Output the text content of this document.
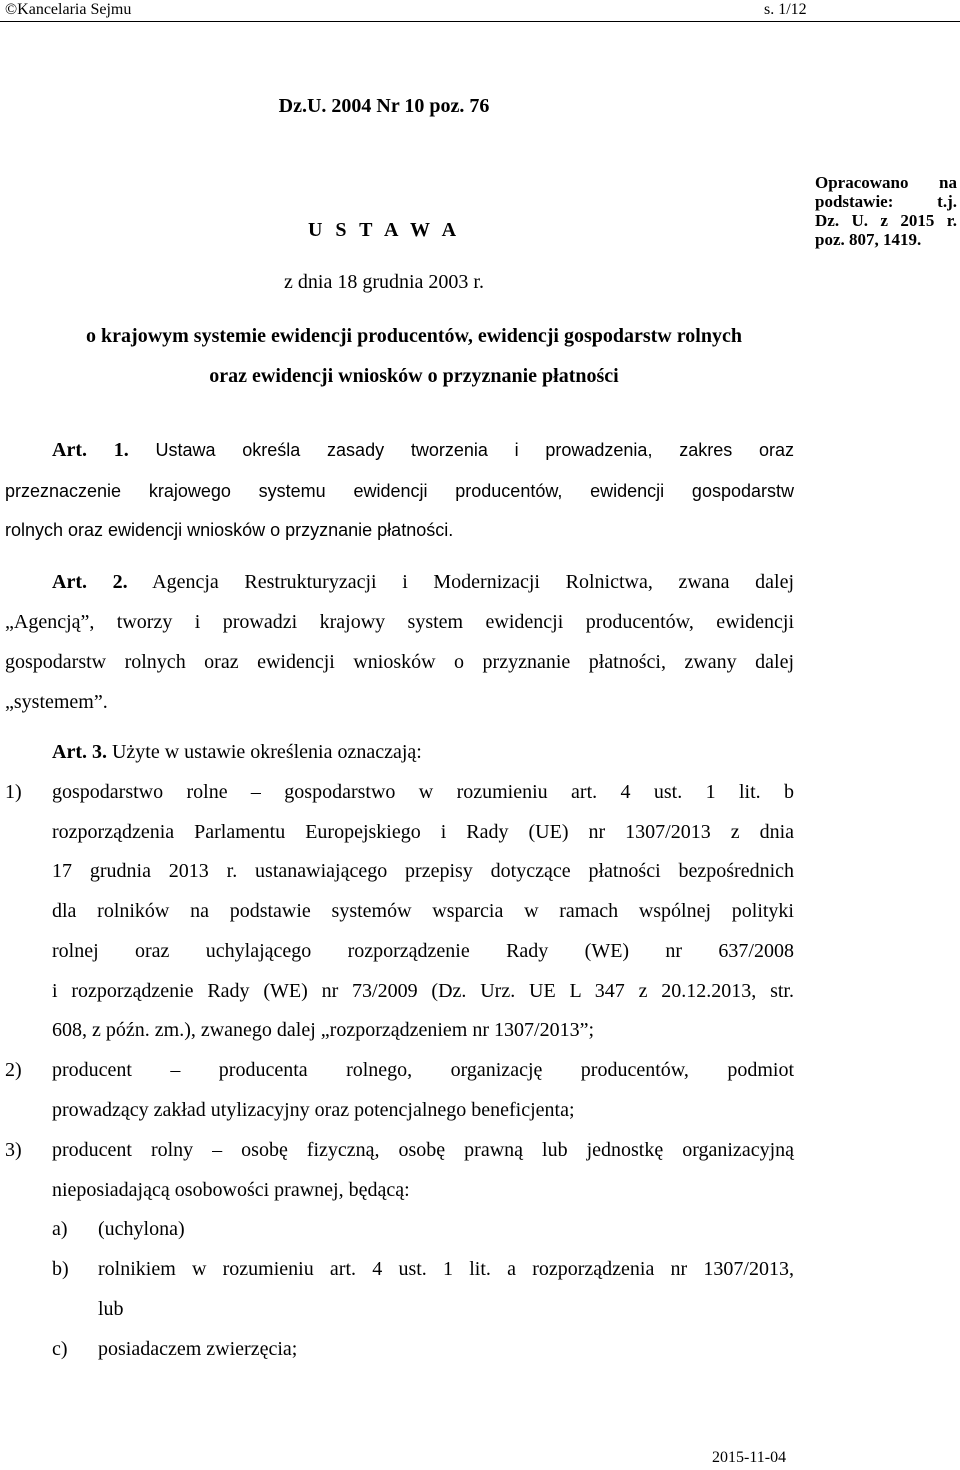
©Kancelaria Sejmu	s. 1/12
Dz.U. 2004 Nr 10 poz. 76
U S T A W A
z dnia 18 grudnia 2003 r.
Opracowano na
podstawie: t.j.
Dz. U. z 2015 r.
poz. 807, 1419.
o krajowym systemie ewidencji producentów, ewidencji gospodarstw rolnych
oraz ewidencji wniosków o przyznanie płatności
Art. 1. Ustawa określa zasady tworzenia i prowadzenia, zakres oraz
przeznaczenie krajowego systemu ewidencji producentów, ewidencji gospodarstw
rolnych oraz ewidencji wniosków o przyznanie płatności.
Art. 2. Agencja Restrukturyzacji i Modernizacji Rolnictwa, zwana dalej
„Agencją”, tworzy i prowadzi krajowy system ewidencji producentów, ewidencji
gospodarstw rolnych oraz ewidencji wniosków o przyznanie płatności, zwany dalej
„systemem”.
Art. 3. Użyte w ustawie określenia oznaczają:
1) gospodarstwo rolne – gospodarstwo w rozumieniu art. 4 ust. 1 lit. b
rozporządzenia Parlamentu Europejskiego i Rady (UE) nr 1307/2013 z dnia
17 grudnia 2013 r. ustanawiającego przepisy dotyczące płatności bezpośrednich
dla rolników na podstawie systemów wsparcia w ramach wspólnej polityki
rolnej oraz uchylającego rozporządzenie Rady (WE) nr 637/2008
i rozporządzenie Rady (WE) nr 73/2009 (Dz. Urz. UE L 347 z 20.12.2013, str.
608, z późn. zm.), zwanego dalej „rozporządzeniem nr 1307/2013”;
2) producent – producenta rolnego, organizację producentów, podmiot
prowadzący zakład utylizacyjny oraz potencjalnego beneficjenta;
3) producent rolny – osobę fizyczną, osobę prawną lub jednostkę organizacyjną
nieposiadającą osobowości prawnej, będącą:
a) (uchylona)
b) rolnikiem w rozumieniu art. 4 ust. 1 lit. a rozporządzenia nr 1307/2013,
lub
c) posiadaczem zwierzęcia;
2015-11-04
